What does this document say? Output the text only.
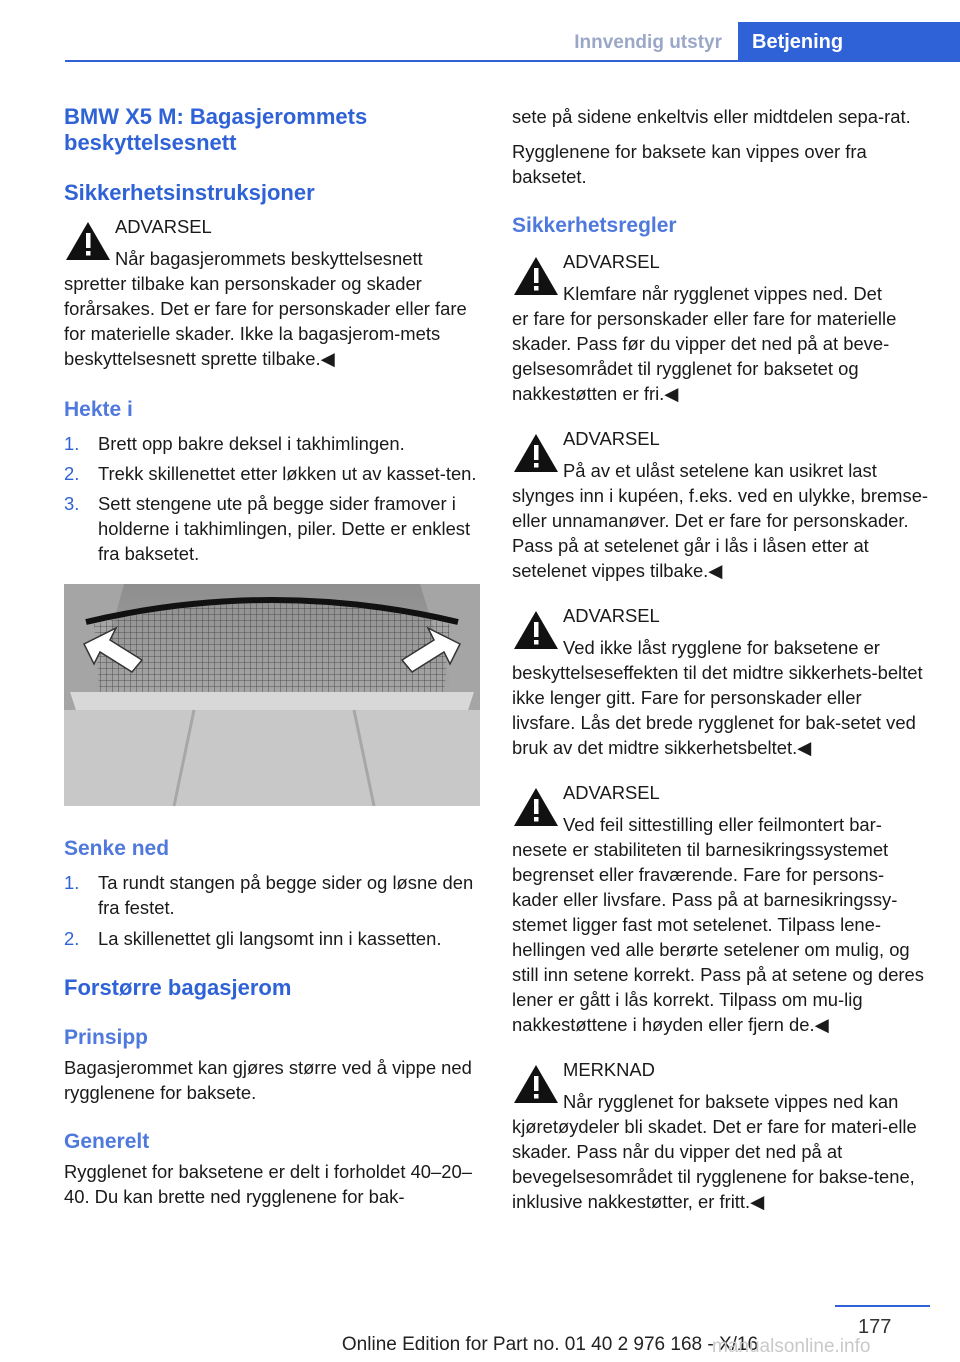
Innvendig utstyr	Betjening
BMW X5 M: Bagasjerommets beskyttelsesnett
Sikkerhetsinstruksjoner
ADVARSEL
Når bagasjerommets beskyttelsesnett
spretter tilbake kan personskader og skader forårsakes. Det er fare for personskader eller fare for materielle skader. Ikke la bagasjerom-mets beskyttelsesnett sprette tilbake.◀
Hekte i
1. Brett opp bakre deksel i takhimlingen.
2. Trekk skillenettet etter løkken ut av kasset-ten.
3. Sett stengene ute på begge sider framover i holderne i takhimlingen, piler. Dette er enklest fra baksetet.
Senke ned
1. Ta rundt stangen på begge sider og løsne den fra festet.
2. La skillenettet gli langsomt inn i kassetten.
Forstørre bagasjerom
Prinsipp
Bagasjerommet kan gjøres større ved å vippe ned rygglenene for baksete.
Generelt
Rygglenet for baksetene er delt i forholdet 40–20–40. Du kan brette ned rygglenene for bak-
sete på sidene enkeltvis eller midtdelen sepa-rat.
Rygglenene for baksete kan vippes over fra baksetet.
Sikkerhetsregler
ADVARSEL
Klemfare når rygglenet vippes ned. Det
er fare for personskader eller fare for materielle skader. Pass før du vipper det ned på at beve-gelsesområdet til rygglenet for baksetet og nakkestøtten er fri.◀
ADVARSEL
På av et ulåst setelene kan usikret last
slynges inn i kupéen, f.eks. ved en ulykke, bremse- eller unnamanøver. Det er fare for personskader. Pass på at setelenet går i lås i låsen etter at setelenet vippes tilbake.◀
ADVARSEL
Ved ikke låst rygglene for baksetene er
beskyttelseseffekten til det midtre sikkerhets-beltet ikke lenger gitt. Fare for personskader eller livsfare. Lås det brede rygglenet for bak-setet ved bruk av det midtre sikkerhetsbeltet.◀
ADVARSEL
Ved feil sittestilling eller feilmontert bar-
nesete er stabiliteten til barnesikringssystemet begrenset eller fraværende. Fare for persons-kader eller livsfare. Pass på at barnesikringssy-stemet ligger fast mot setelenet. Tilpass lene-hellingen ved alle berørte setelener om mulig, og still inn setene korrekt. Pass på at setene og deres lener er gått i lås korrekt. Tilpass om mu-lig nakkestøttene i høyden eller fjern de.◀
MERKNAD
Når rygglenet for baksete vippes ned kan
kjøretøydeler bli skadet. Det er fare for materi-elle skader. Pass når du vipper det ned på at bevegelsesområdet til rygglenene for bakse-tene, inklusive nakkestøtter, er fritt.◀
177
Online Edition for Part no. 01 40 2 976 168 - X/16
manualsonline.info
